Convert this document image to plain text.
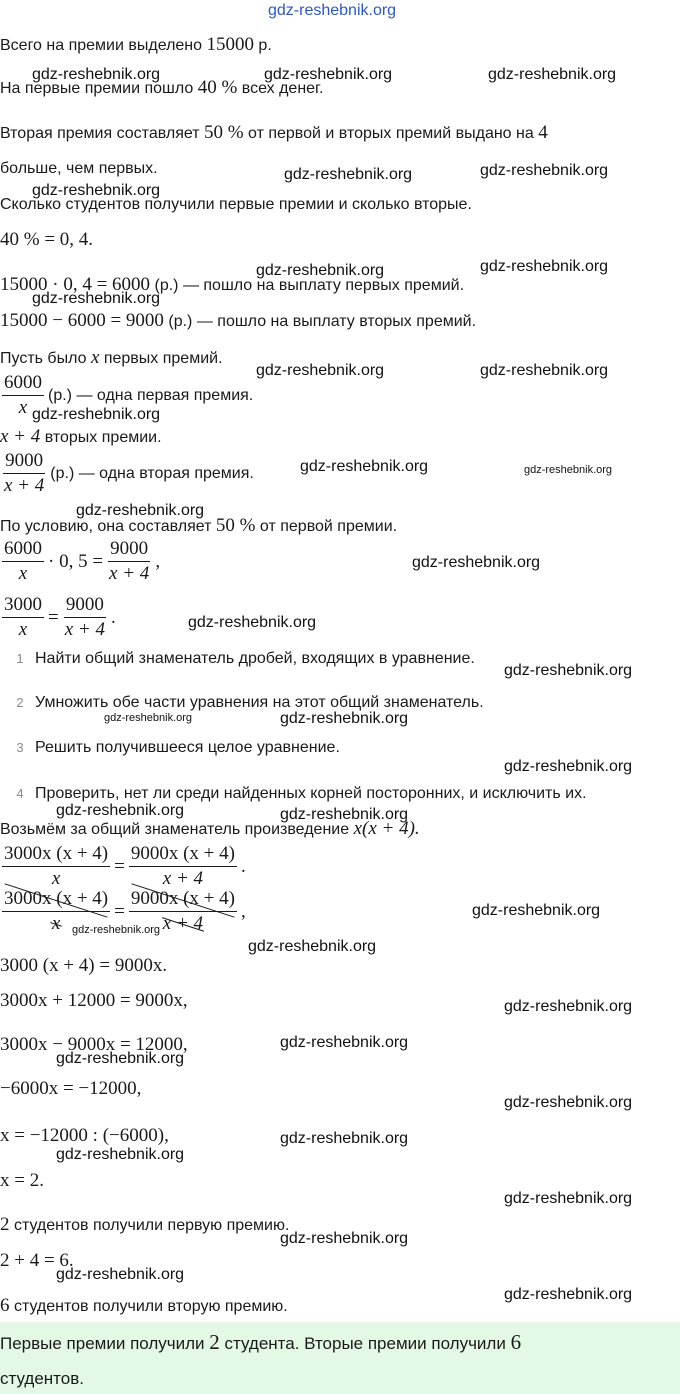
gdz-reshebnik.org
Всего на премии выделено 15000 р.
На первые премии пошло 40 % всех денег.
Вторая премия составляет 50 % от первой и вторых премий выдано на 4
больше, чем первых.
Сколько студентов получили первые премии и сколько вторые.
40 % = 0, 4.
15000 · 0, 4 = 6000 (р.) — пошло на выплату первых премий.
15000 − 6000 = 9000 (р.) — пошло на выплату вторых премий.
Пусть было x первых премий.
$\frac{6000}{x} (р.)$ — одна первая премия.
x + 4 вторых премии.
$\frac{9000}{x + 4} (р.)$ — одна вторая премия.
По условию, она составляет 50 % от первой премии.
$\frac{6000}{x} \cdot 0$, $5 = \frac{9000}{x + 4}$ ,
$\frac{3000}{x} = \frac{9000}{x + 4}$ .
1 Найти общий знаменатель дробей, входящих в уравнение.
2 Умножить обе части уравнения на этот общий знаменатель.
3 Решить получившееся целое уравнение.
4 Проверить, нет ли среди найденных корней посторонних, и исключить их.
Возьмём за общий знаменатель произведение x(x + 4).
$\frac{3000x (x + 4)}{x} = \frac{9000x (x + 4)}{x + 4}$ .
$\frac{3000x (x + 4)}{x} = \frac{9000x (x + 4)}{x + 4}$ ,
3000 (x + 4) = 9000x.
3000x + 12000 = 9000x,
3000x − 9000x = 12000,
−6000x = −12000,
x = −12000 : (−6000),
x = 2.
2 студентов получили первую премию.
2 + 4 = 6.
6 студентов получили вторую премию.
Первые премии получили 2 студента. Вторые премии получили 6
студентов.
gdz-reshebnik.org	gdz-reshebnik.org	gdz-reshebnik.org
gdz-reshebnik.org	gdz-reshebnik.org
gdz-reshebnik.org
gdz-reshebnik.org	gdz-reshebnik.org
gdz-reshebnik.org
gdz-reshebnik.org	gdz-reshebnik.org
gdz-reshebnik.org
gdz-reshebnik.org	gdz-reshebnik.org
gdz-reshebnik.org
gdz-reshebnik.org
gdz-reshebnik.org
gdz-reshebnik.org
gdz-reshebnik.org	gdz-reshebnik.org
gdz-reshebnik.org
gdz-reshebnik.org	gdz-reshebnik.org
gdz-reshebnik.org
gdz-reshebnik.org
gdz-reshebnik.org
gdz-reshebnik.org
gdz-reshebnik.org
gdz-reshebnik.org
gdz-reshebnik.org
gdz-reshebnik.org
gdz-reshebnik.org
gdz-reshebnik.org
gdz-reshebnik.org
gdz-reshebnik.org
gdz-reshebnik.org
